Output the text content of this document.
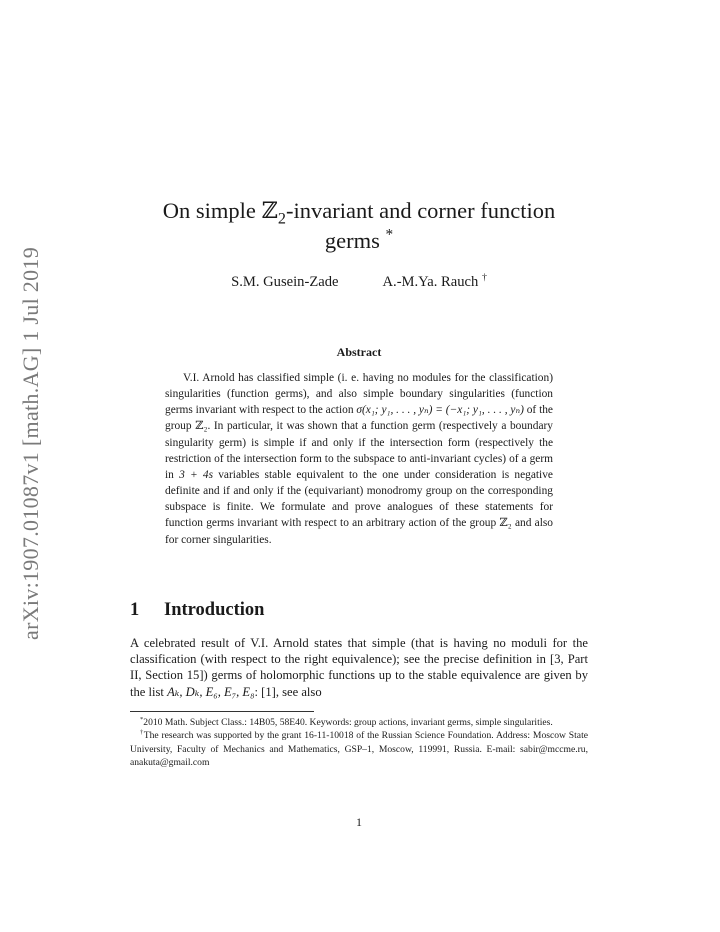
arXiv:1907.01087v1 [math.AG] 1 Jul 2019
On simple ℤ$_2$-invariant and corner function
germs *
S.M. Gusein-Zade	A.-M.Ya. Rauch †
Abstract

V.I. Arnold has classified simple (i. e. having no modules for the classification) singularities (function germs), and also simple boundary singularities (function germs invariant with respect to the action σ(x₁; y₁, . . . , yₙ) = (−x₁; y₁, . . . , yₙ) of the group ℤ₂. In particular, it was shown that a function germ (respectively a boundary singularity germ) is simple if and only if the intersection form (respectively the restriction of the intersection form to the subspace to anti-invariant cycles) of a germ in 3 + 4s variables stable equivalent to the one under consideration is negative definite and if and only if the (equivariant) monodromy group on the corresponding subspace is finite. We formulate and prove analogues of these statements for function germs invariant with respect to an arbitrary action of the group ℤ₂ and also for corner singularities.

1 Introduction

A celebrated result of V.I. Arnold states that simple (that is having no moduli for the classification (with respect to the right equivalence); see the precise definition in [3, Part II, Section 15]) germs of holomorphic functions up to the stable equivalence are given by the list Aₖ, Dₖ, E₆, E₇, E₈: [1], see also

*2010 Math. Subject Class.: 14B05, 58E40. Keywords: group actions, invariant germs, simple singularities.

†The research was supported by the grant 16-11-10018 of the Russian Science Foundation. Address: Moscow State University, Faculty of Mechanics and Mathematics, GSP–1, Moscow, 119991, Russia. E-mail: sabir@mccme.ru, anakuta@gmail.com

1
